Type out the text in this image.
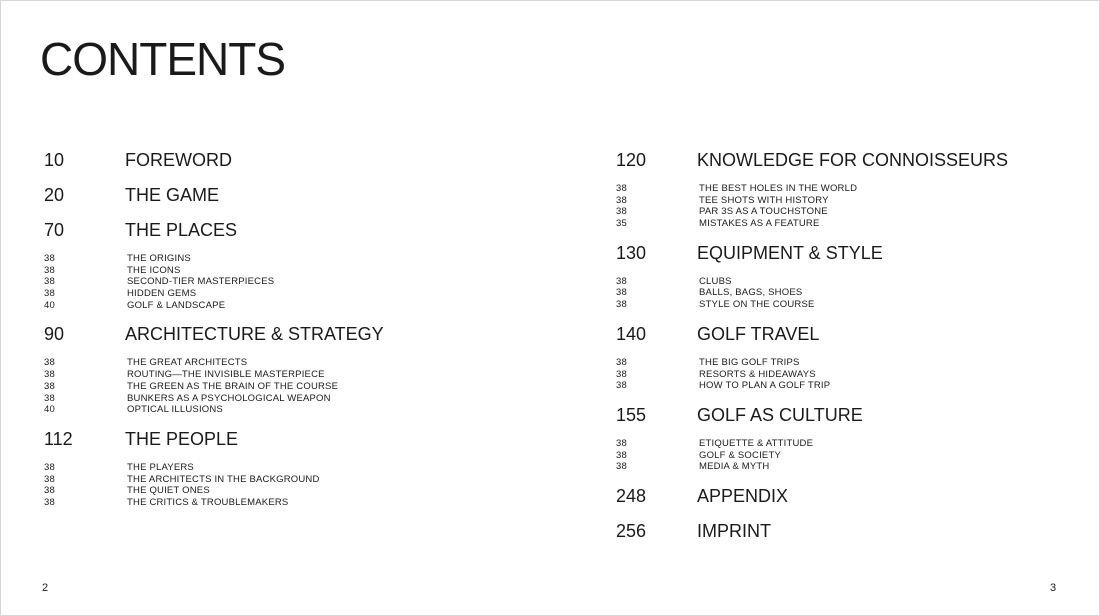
CONTENTS
10	FOREWORD
20	THE GAME
70	THE PLACES
38	THE ORIGINS
38	THE ICONS
38	SECOND-TIER MASTERPIECES
38	HIDDEN GEMS
40	GOLF & LANDSCAPE
90	ARCHITECTURE & STRATEGY
38	THE GREAT ARCHITECTS
38	ROUTING—THE INVISIBLE MASTERPIECE
38	THE GREEN AS THE BRAIN OF THE COURSE
38	BUNKERS AS A PSYCHOLOGICAL WEAPON
40	OPTICAL ILLUSIONS
112	THE PEOPLE
38	THE PLAYERS
38	THE ARCHITECTS IN THE BACKGROUND
38	THE QUIET ONES
38	THE CRITICS & TROUBLEMAKERS
120	KNOWLEDGE FOR CONNOISSEURS
38	THE BEST HOLES IN THE WORLD
38	TEE SHOTS WITH HISTORY
38	PAR 3S AS A TOUCHSTONE
35	MISTAKES AS A FEATURE
130	EQUIPMENT & STYLE
38	CLUBS
38	BALLS, BAGS, SHOES
38	STYLE ON THE COURSE
140	GOLF TRAVEL
38	THE BIG GOLF TRIPS
38	RESORTS & HIDEAWAYS
38	HOW TO PLAN A GOLF TRIP
155	GOLF AS CULTURE
38	ETIQUETTE & ATTITUDE
38	GOLF & SOCIETY
38	MEDIA & MYTH
248	APPENDIX
256	IMPRINT
2	3
